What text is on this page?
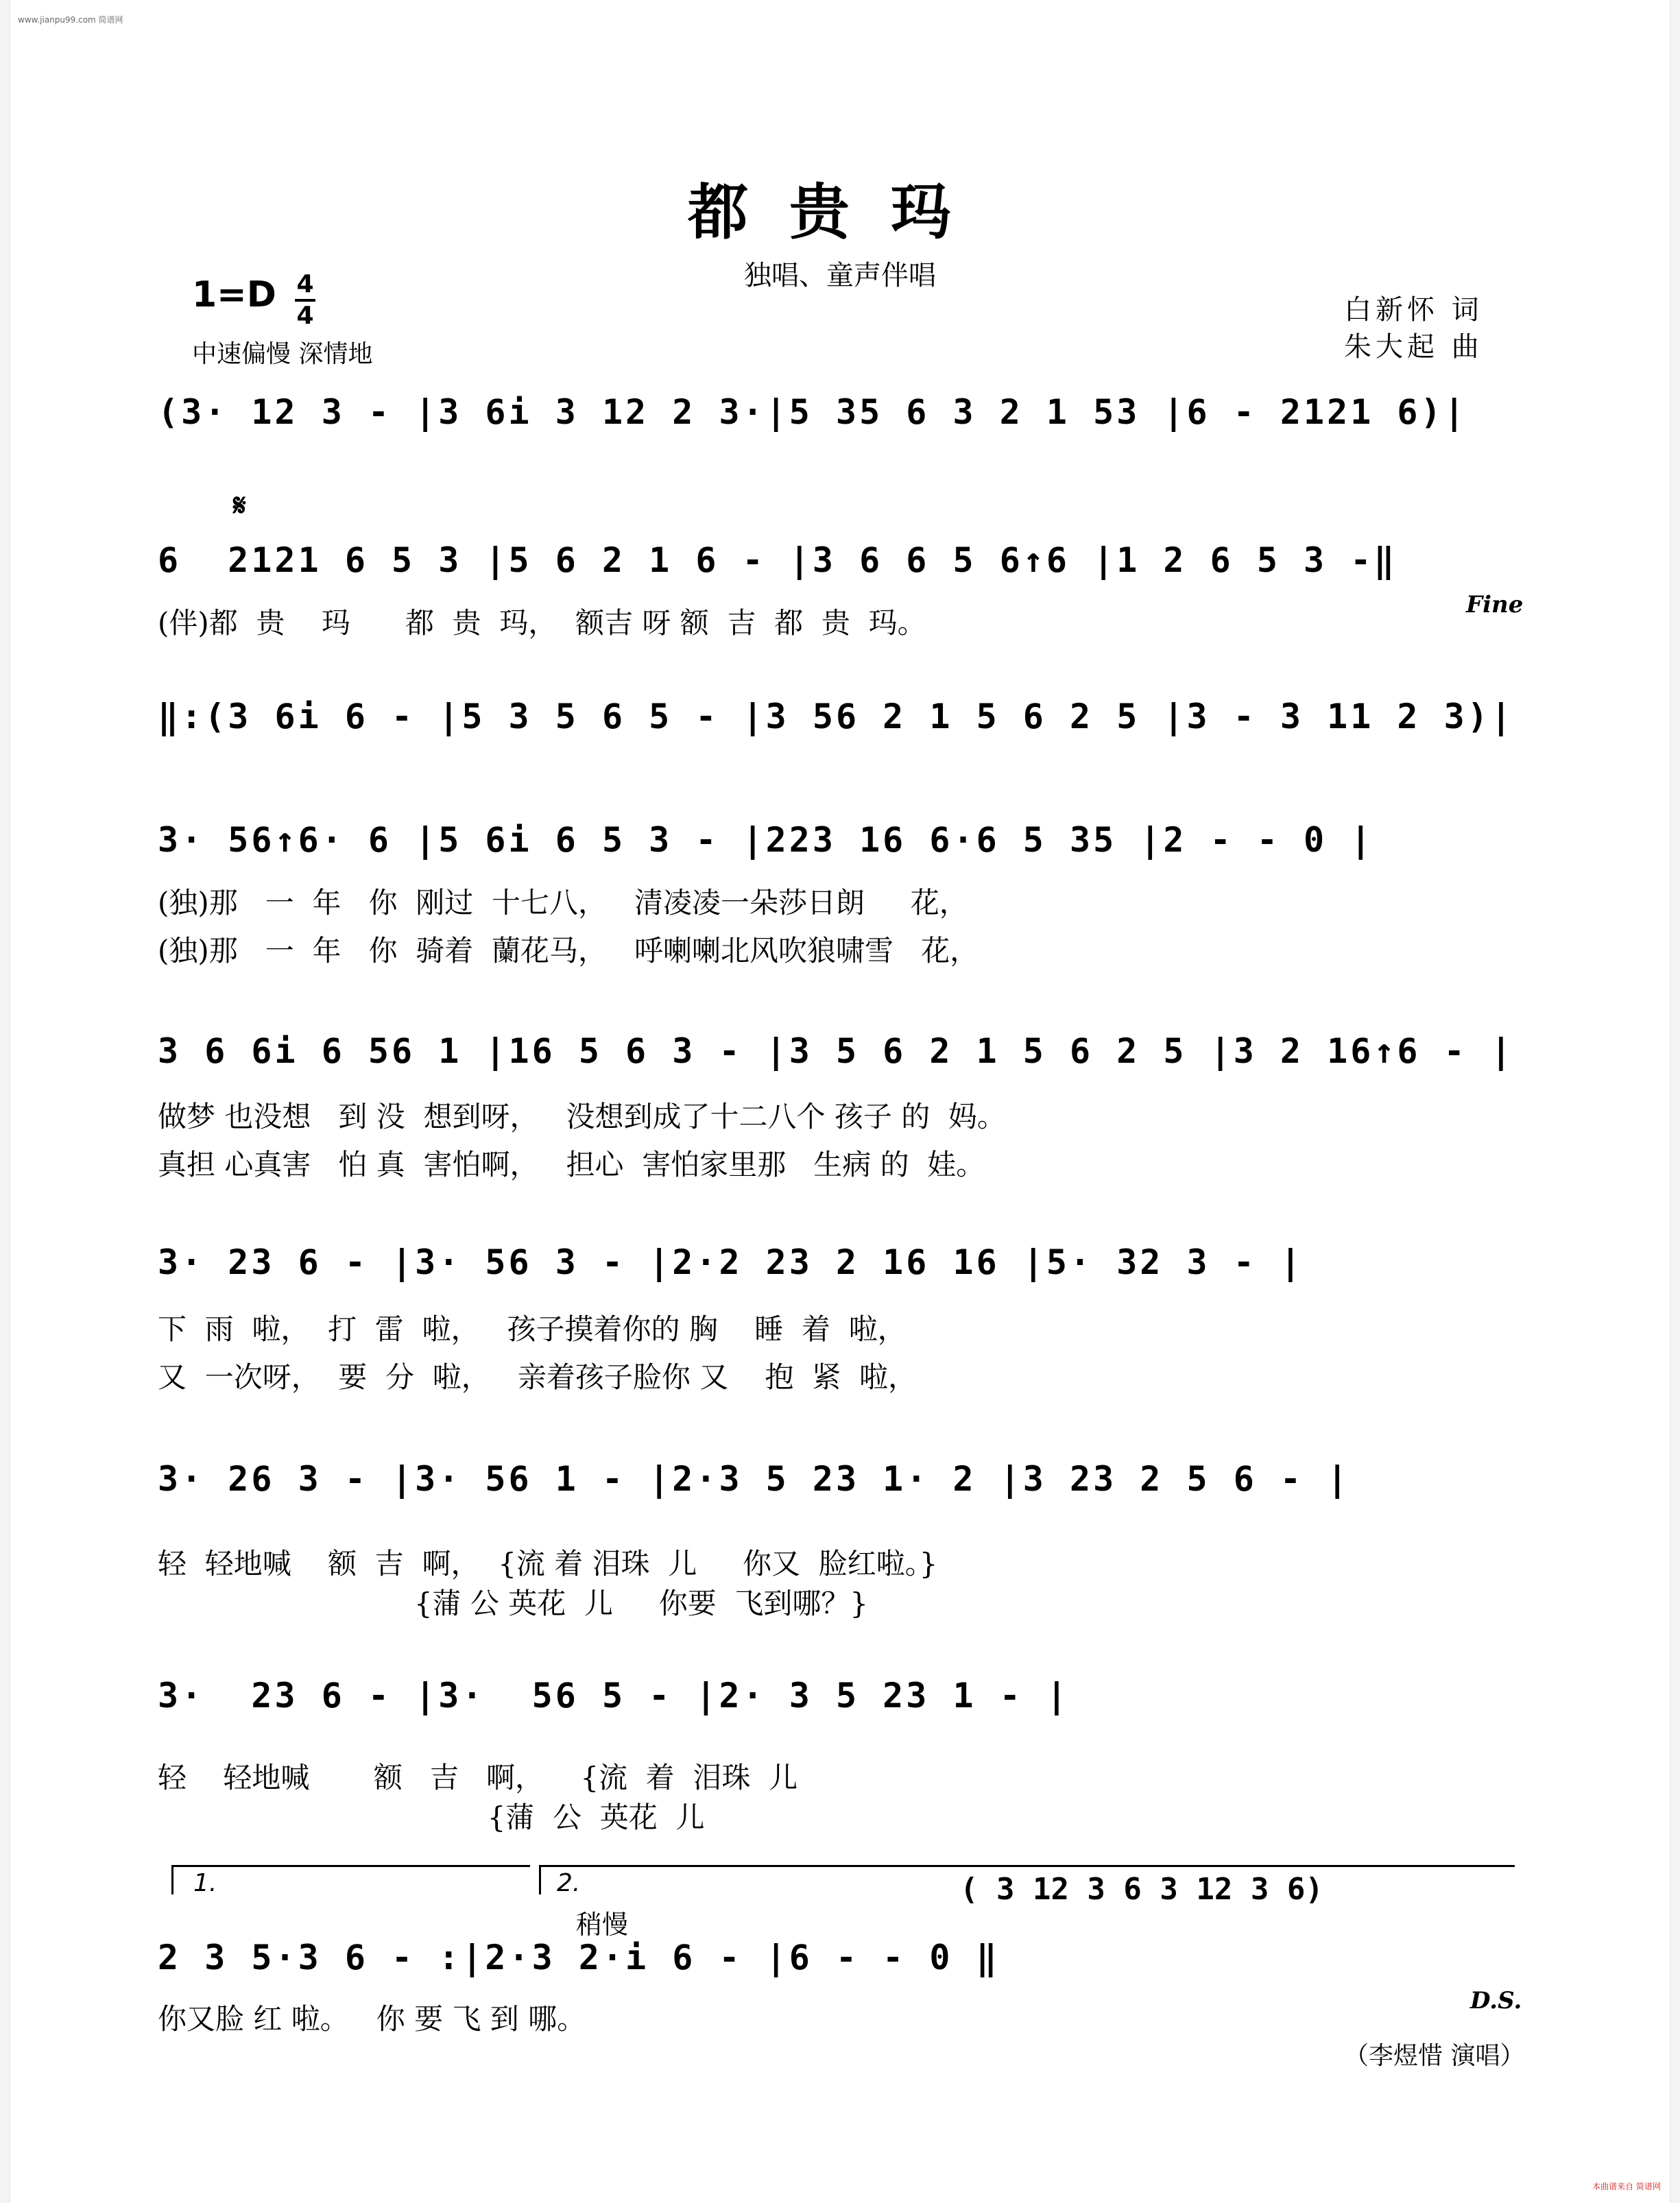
www.jianpu99.com 简谱网
本曲谱来自 简谱网
都贵玛
独唱、童声伴唱
1=D 4
4
中速偏慢 深情地
白新怀 词
朱大起 曲
(3· 12 3 - |3 6i 3 12 2 3·|5 35 6 3 2 1 53 |6 - 2121 6)|
𝄋
6  2121 6 5 3 |5 6 2 1 6 - |3 6 6 5 6↑6 |1 2 6 5 3 -‖
(伴)都  贵    玛      都  贵  玛，  额吉 呀 额  吉  都  贵  玛。
Fine
‖:(3 6i 6 - |5 3 5 6 5 - |3 56 2 1 5 6 2 5 |3 - 3 11 2 3)|
3· 56↑6· 6 |5 6i 6 5 3 - |223 16 6·6 5 35 |2 - - 0 |
(独)那   一  年   你  刚过  十七八，   清凌凌一朵莎日朗     花，
(独)那   一  年   你  骑着  蘭花马，   呼喇喇北风吹狼啸雪   花，
3 6 6i 6 56 1 |16 5 6 3 - |3 5 6 2 1 5 6 2 5 |3 2 16↑6 - |
做梦 也没想   到 没  想到呀，   没想到成了十二八个 孩子 的  妈。
真担 心真害   怕 真  害怕啊，   担心  害怕家里那   生病 的  娃。
3· 23 6 - |3· 56 3 - |2·2 23 2 16 16 |5· 32 3 - |
下  雨  啦，  打  雷  啦，   孩子摸着你的 胸    睡  着  啦，
又  一次呀，  要  分  啦，   亲着孩子脸你 又    抱  紧  啦，
3· 26 3 - |3· 56 1 - |2·3 5 23 1· 2 |3 23 2 5 6 - |
轻  轻地喊    额  吉  啊，  {流 着 泪珠  儿     你又  脸红啦。}
{蒲 公 英花  儿     你要  飞到哪？}
3·  23 6 - |3·  56 5 - |2· 3 5 23 1 - |
轻    轻地喊       额   吉   啊，    {流  着  泪珠  儿
{蒲  公  英花  儿
1.	2.	( 3 12 3 6 3 12 3 6)
稍慢
2 3 5·3 6 - :|2·3 2·i 6 - |6 - - 0 ‖
你又脸 红 啦。   你 要 飞 到 哪。
D.S.
（李煜惜 演唱）
